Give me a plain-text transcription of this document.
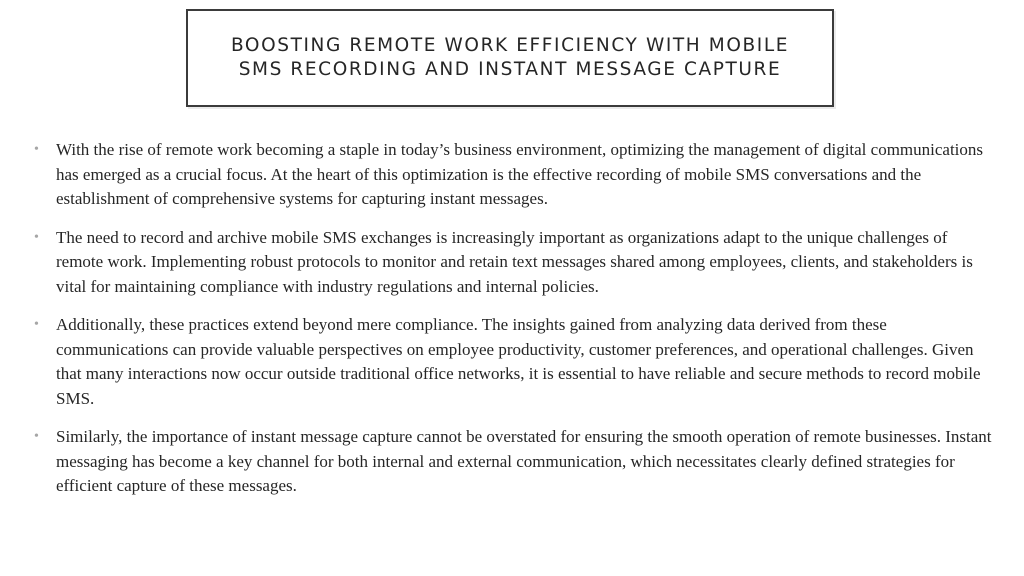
BOOSTING REMOTE WORK EFFICIENCY WITH MOBILE
SMS RECORDING AND INSTANT MESSAGE CAPTURE
• With the rise of remote work becoming a staple in today’s business environment, optimizing the management of digital communications has emerged as a crucial focus. At the heart of this optimization is the effective recording of mobile SMS conversations and the establishment of comprehensive systems for capturing instant messages.
• The need to record and archive mobile SMS exchanges is increasingly important as organizations adapt to the unique challenges of remote work. Implementing robust protocols to monitor and retain text messages shared among employees, clients, and stakeholders is vital for maintaining compliance with industry regulations and internal policies.
• Additionally, these practices extend beyond mere compliance. The insights gained from analyzing data derived from these communications can provide valuable perspectives on employee productivity, customer preferences, and operational challenges. Given that many interactions now occur outside traditional office networks, it is essential to have reliable and secure methods to record mobile SMS.
• Similarly, the importance of instant message capture cannot be overstated for ensuring the smooth operation of remote businesses. Instant messaging has become a key channel for both internal and external communication, which necessitates clearly defined strategies for efficient capture of these messages.
